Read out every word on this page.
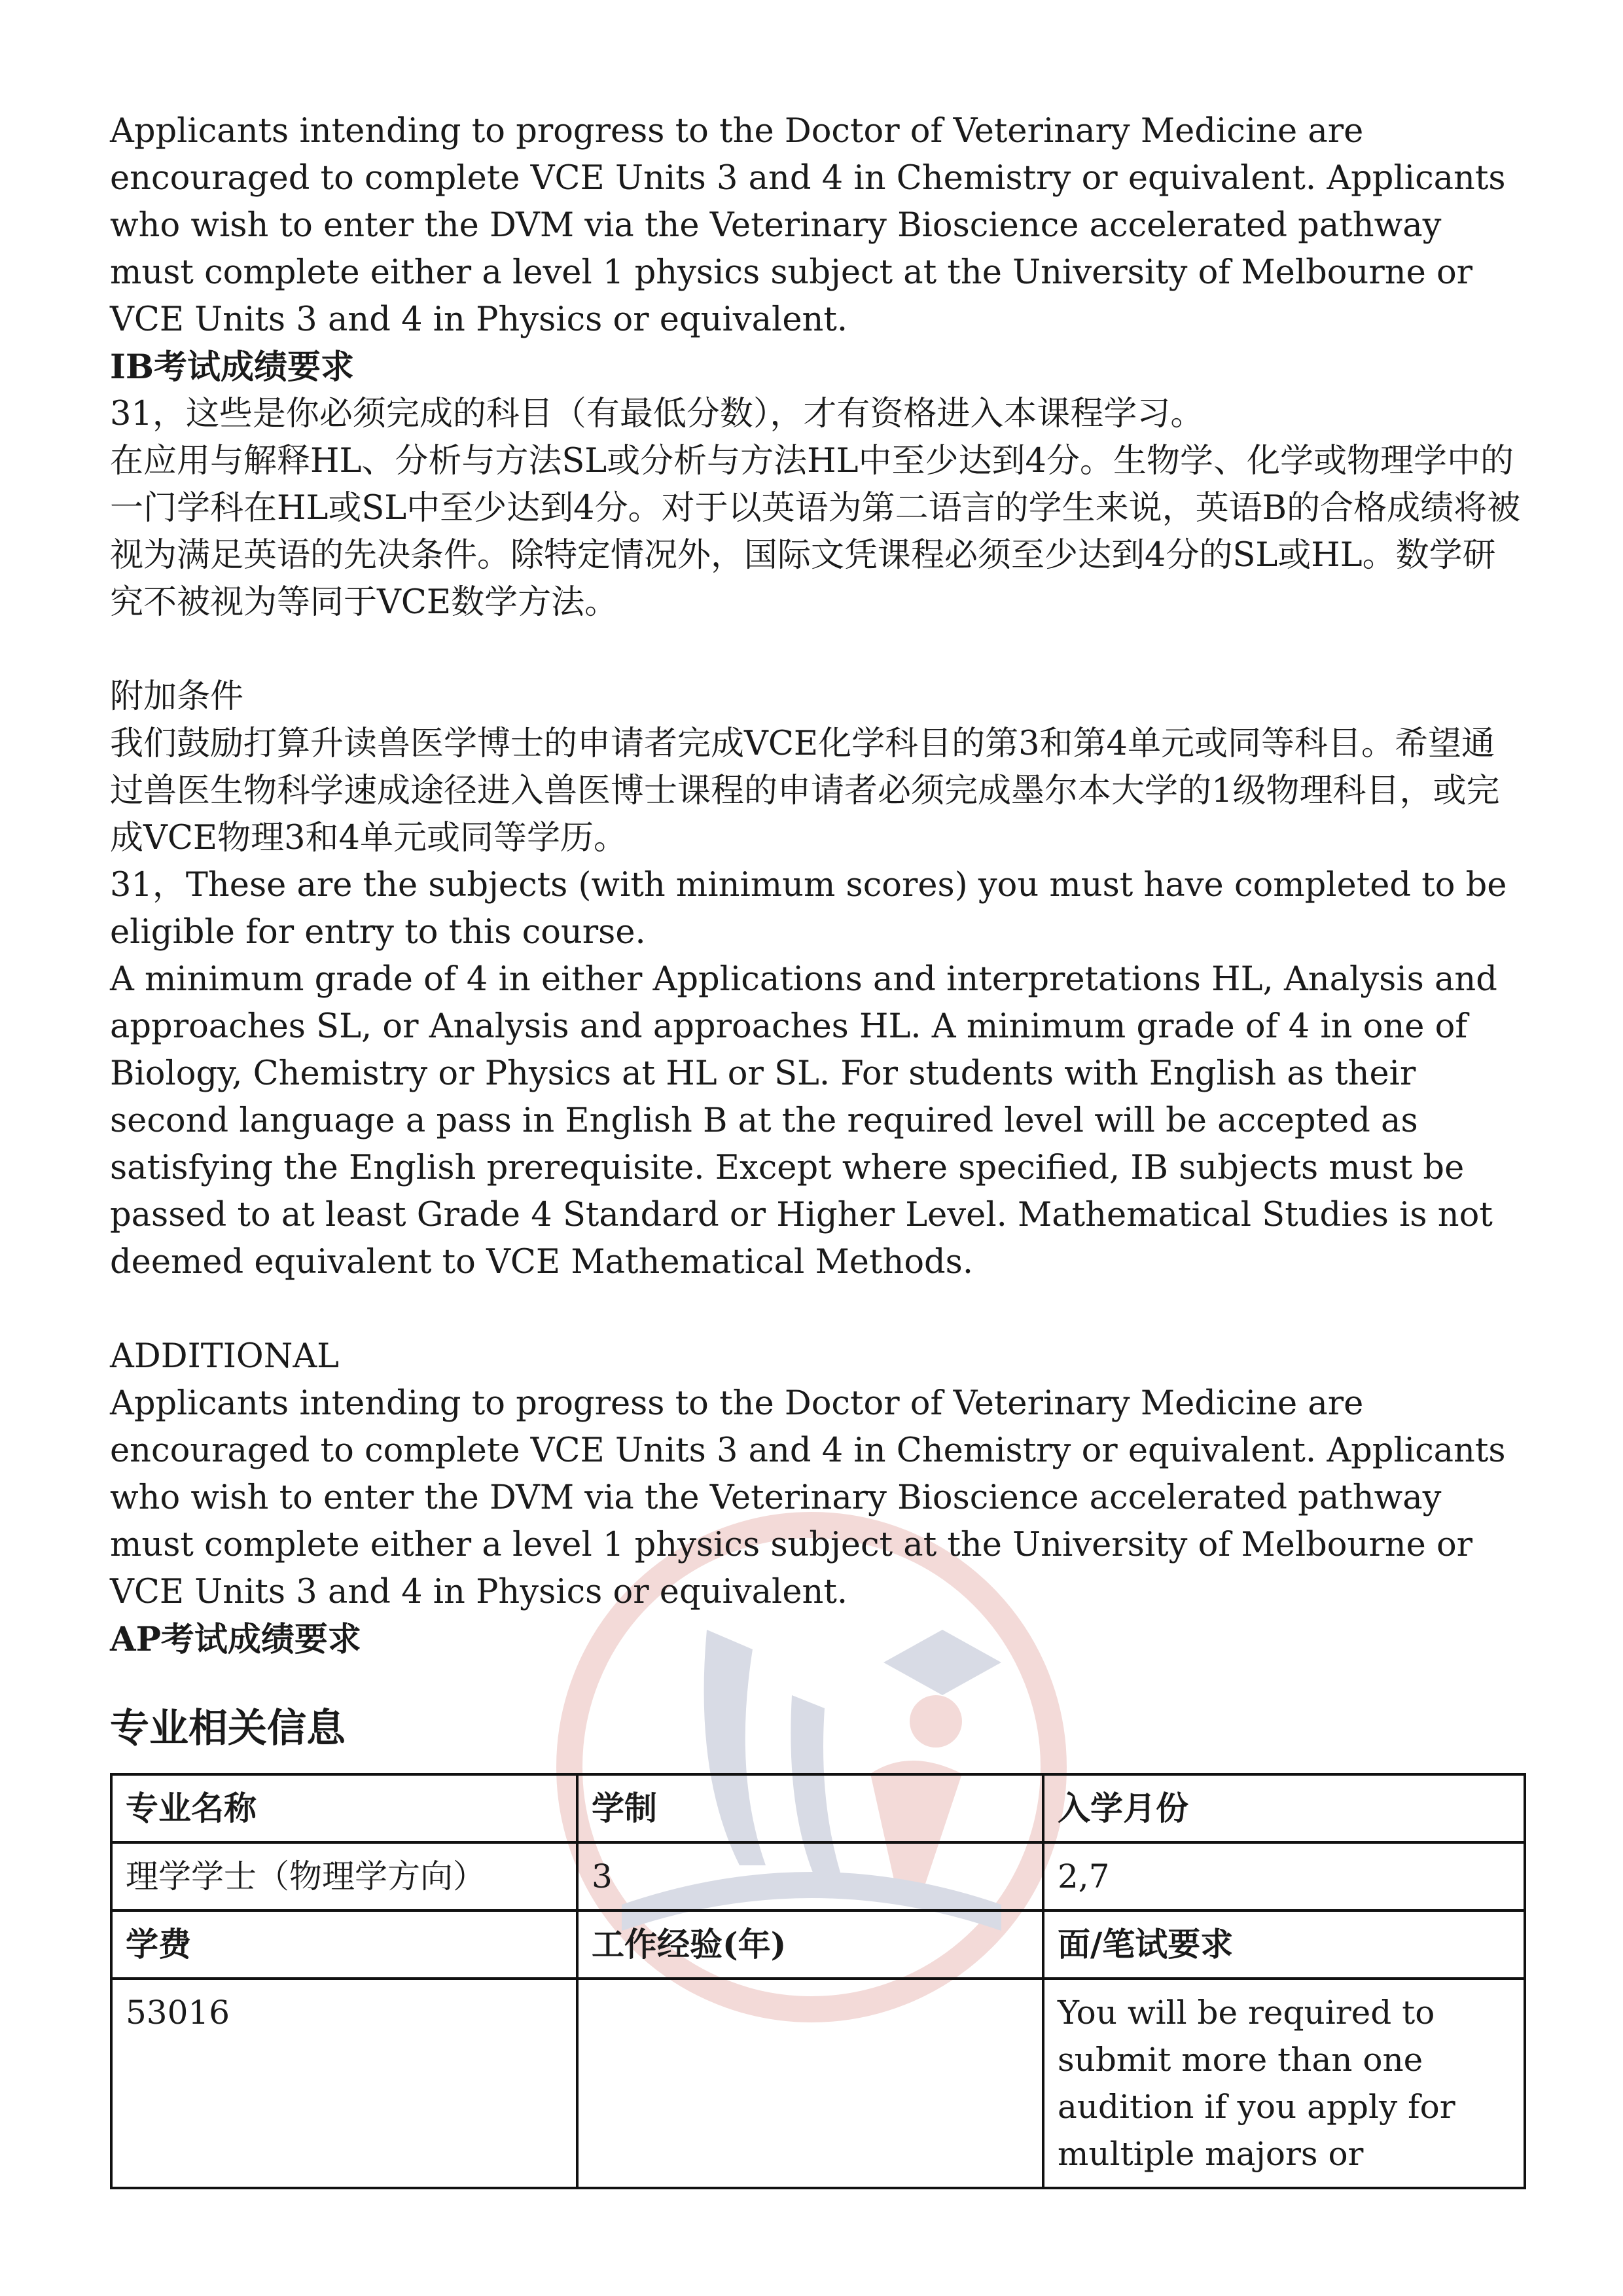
Applicants intending to progress to the Doctor of Veterinary Medicine are encouraged to complete VCE Units 3 and 4 in Chemistry or equivalent. Applicants who wish to enter the DVM via the Veterinary Bioscience accelerated pathway must complete either a level 1 physics subject at the University of Melbourne or VCE Units 3 and 4 in Physics or equivalent.

IB考试成绩要求

31，这些是你必须完成的科目（有最低分数），才有资格进入本课程学习。

在应用与解释HL、分析与方法SL或分析与方法HL中至少达到4分。生物学、化学或物理学中的一门学科在HL或SL中至少达到4分。对于以英语为第二语言的学生来说，英语B的合格成绩将被视为满足英语的先决条件。除特定情况外，国际文凭课程必须至少达到4分的SL或HL。数学研究不被视为等同于VCE数学方法。

附加条件

我们鼓励打算升读兽医学博士的申请者完成VCE化学科目的第3和第4单元或同等科目。希望通过兽医生物科学速成途径进入兽医博士课程的申请者必须完成墨尔本大学的1级物理科目，或完成VCE物理3和4单元或同等学历。

31，These are the subjects (with minimum scores) you must have completed to be eligible for entry to this course.

A minimum grade of 4 in either Applications and interpretations HL, Analysis and approaches SL, or Analysis and approaches HL. A minimum grade of 4 in one of Biology, Chemistry or Physics at HL or SL. For students with English as their second language a pass in English B at the required level will be accepted as satisfying the English prerequisite. Except where specified, IB subjects must be passed to at least Grade 4 Standard or Higher Level. Mathematical Studies is not deemed equivalent to VCE Mathematical Methods.

ADDITIONAL

Applicants intending to progress to the Doctor of Veterinary Medicine are encouraged to complete VCE Units 3 and 4 in Chemistry or equivalent. Applicants who wish to enter the DVM via the Veterinary Bioscience accelerated pathway must complete either a level 1 physics subject at the University of Melbourne or VCE Units 3 and 4 in Physics or equivalent.

AP考试成绩要求

专业相关信息
专业名称	学制	入学月份
理学学士（物理学方向）	3	2,7
学费	工作经验(年)	面/笔试要求
53016		You will be required to submit more than one audition if you apply for multiple majors or
